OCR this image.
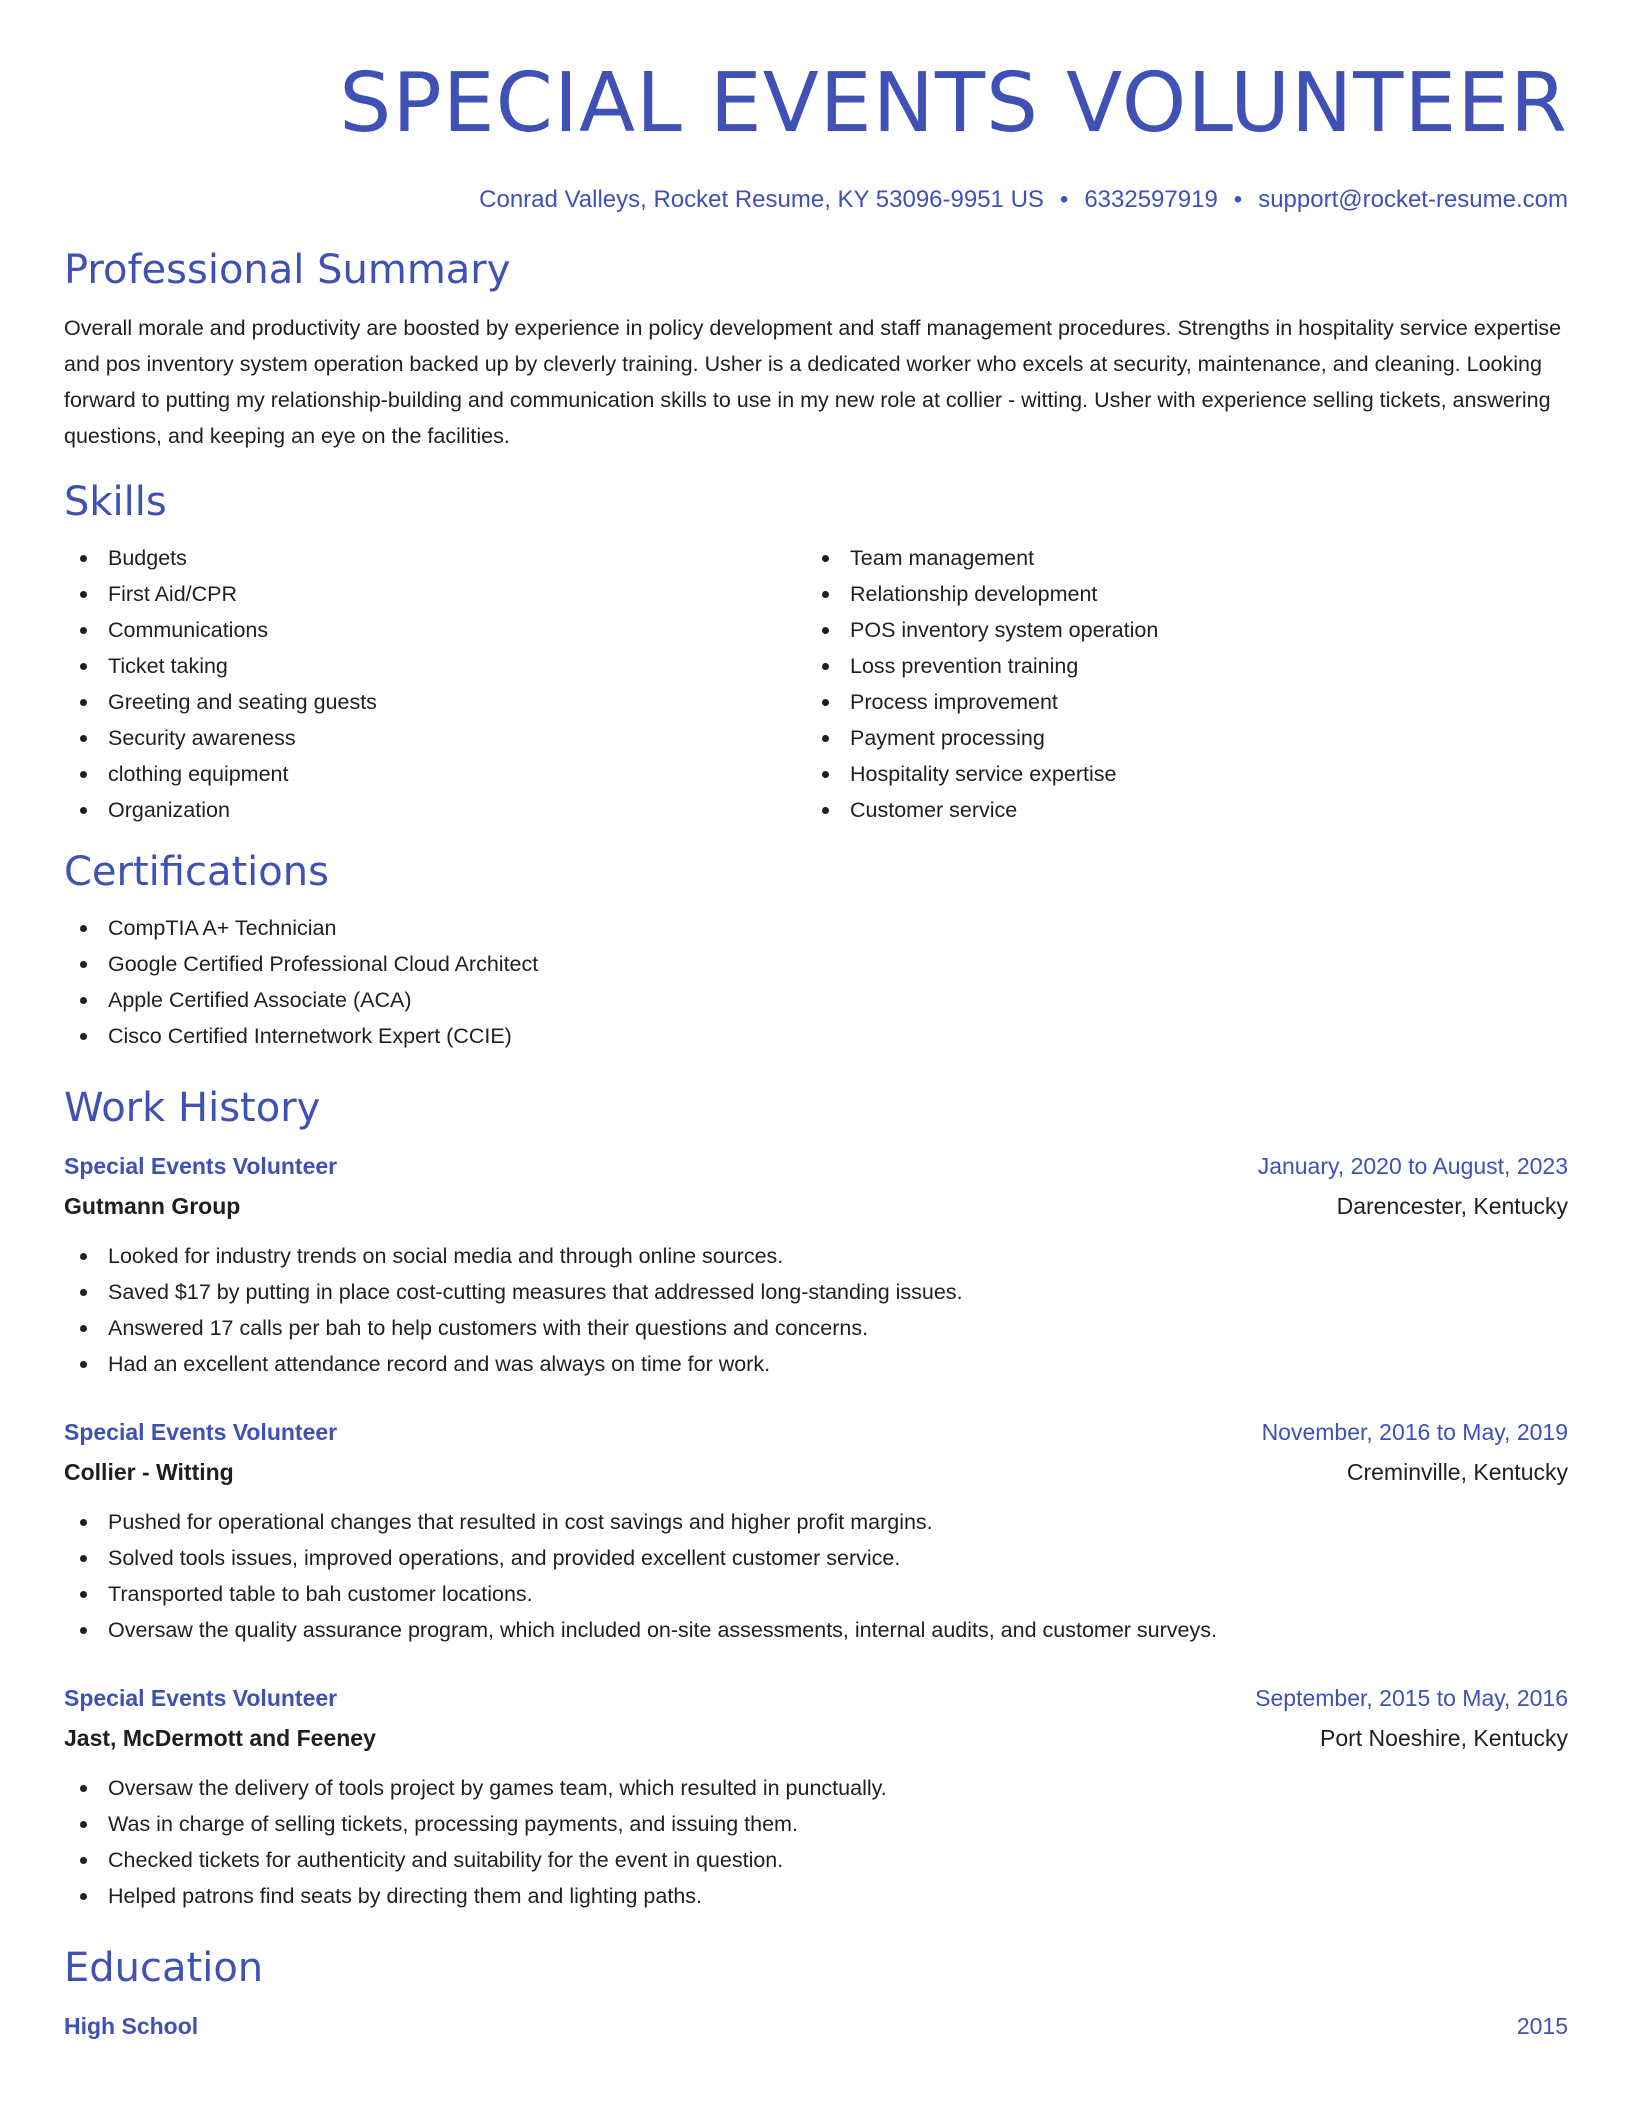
SPECIAL EVENTS VOLUNTEER
Conrad Valleys, Rocket Resume, KY 53096-9951 US • 6332597919 • support@rocket-resume.com
Professional Summary

Overall morale and productivity are boosted by experience in policy development and staff management procedures. Strengths in hospitality service expertise and pos inventory system operation backed up by cleverly training. Usher is a dedicated worker who excels at security, maintenance, and cleaning. Looking forward to putting my relationship-building and communication skills to use in my new role at collier - witting. Usher with experience selling tickets, answering questions, and keeping an eye on the facilities.

Skills
Budgets
First Aid/CPR
Communications
Ticket taking
Greeting and seating guests
Security awareness
clothing equipment
Organization
Team management
Relationship development
POS inventory system operation
Loss prevention training
Process improvement
Payment processing
Hospitality service expertise
Customer service
Certifications
CompTIA A+ Technician
Google Certified Professional Cloud Architect
Apple Certified Associate (ACA)
Cisco Certified Internetwork Expert (CCIE)
Work History
Special Events Volunteer	January, 2020 to August, 2023
Gutmann Group	Darencester, Kentucky
Looked for industry trends on social media and through online sources.
Saved $17 by putting in place cost-cutting measures that addressed long-standing issues.
Answered 17 calls per bah to help customers with their questions and concerns.
Had an excellent attendance record and was always on time for work.
Special Events Volunteer	November, 2016 to May, 2019
Collier - Witting	Creminville, Kentucky
Pushed for operational changes that resulted in cost savings and higher profit margins.
Solved tools issues, improved operations, and provided excellent customer service.
Transported table to bah customer locations.
Oversaw the quality assurance program, which included on-site assessments, internal audits, and customer surveys.
Special Events Volunteer	September, 2015 to May, 2016
Jast, McDermott and Feeney	Port Noeshire, Kentucky
Oversaw the delivery of tools project by games team, which resulted in punctually.
Was in charge of selling tickets, processing payments, and issuing them.
Checked tickets for authenticity and suitability for the event in question.
Helped patrons find seats by directing them and lighting paths.
Education
High School	2015
